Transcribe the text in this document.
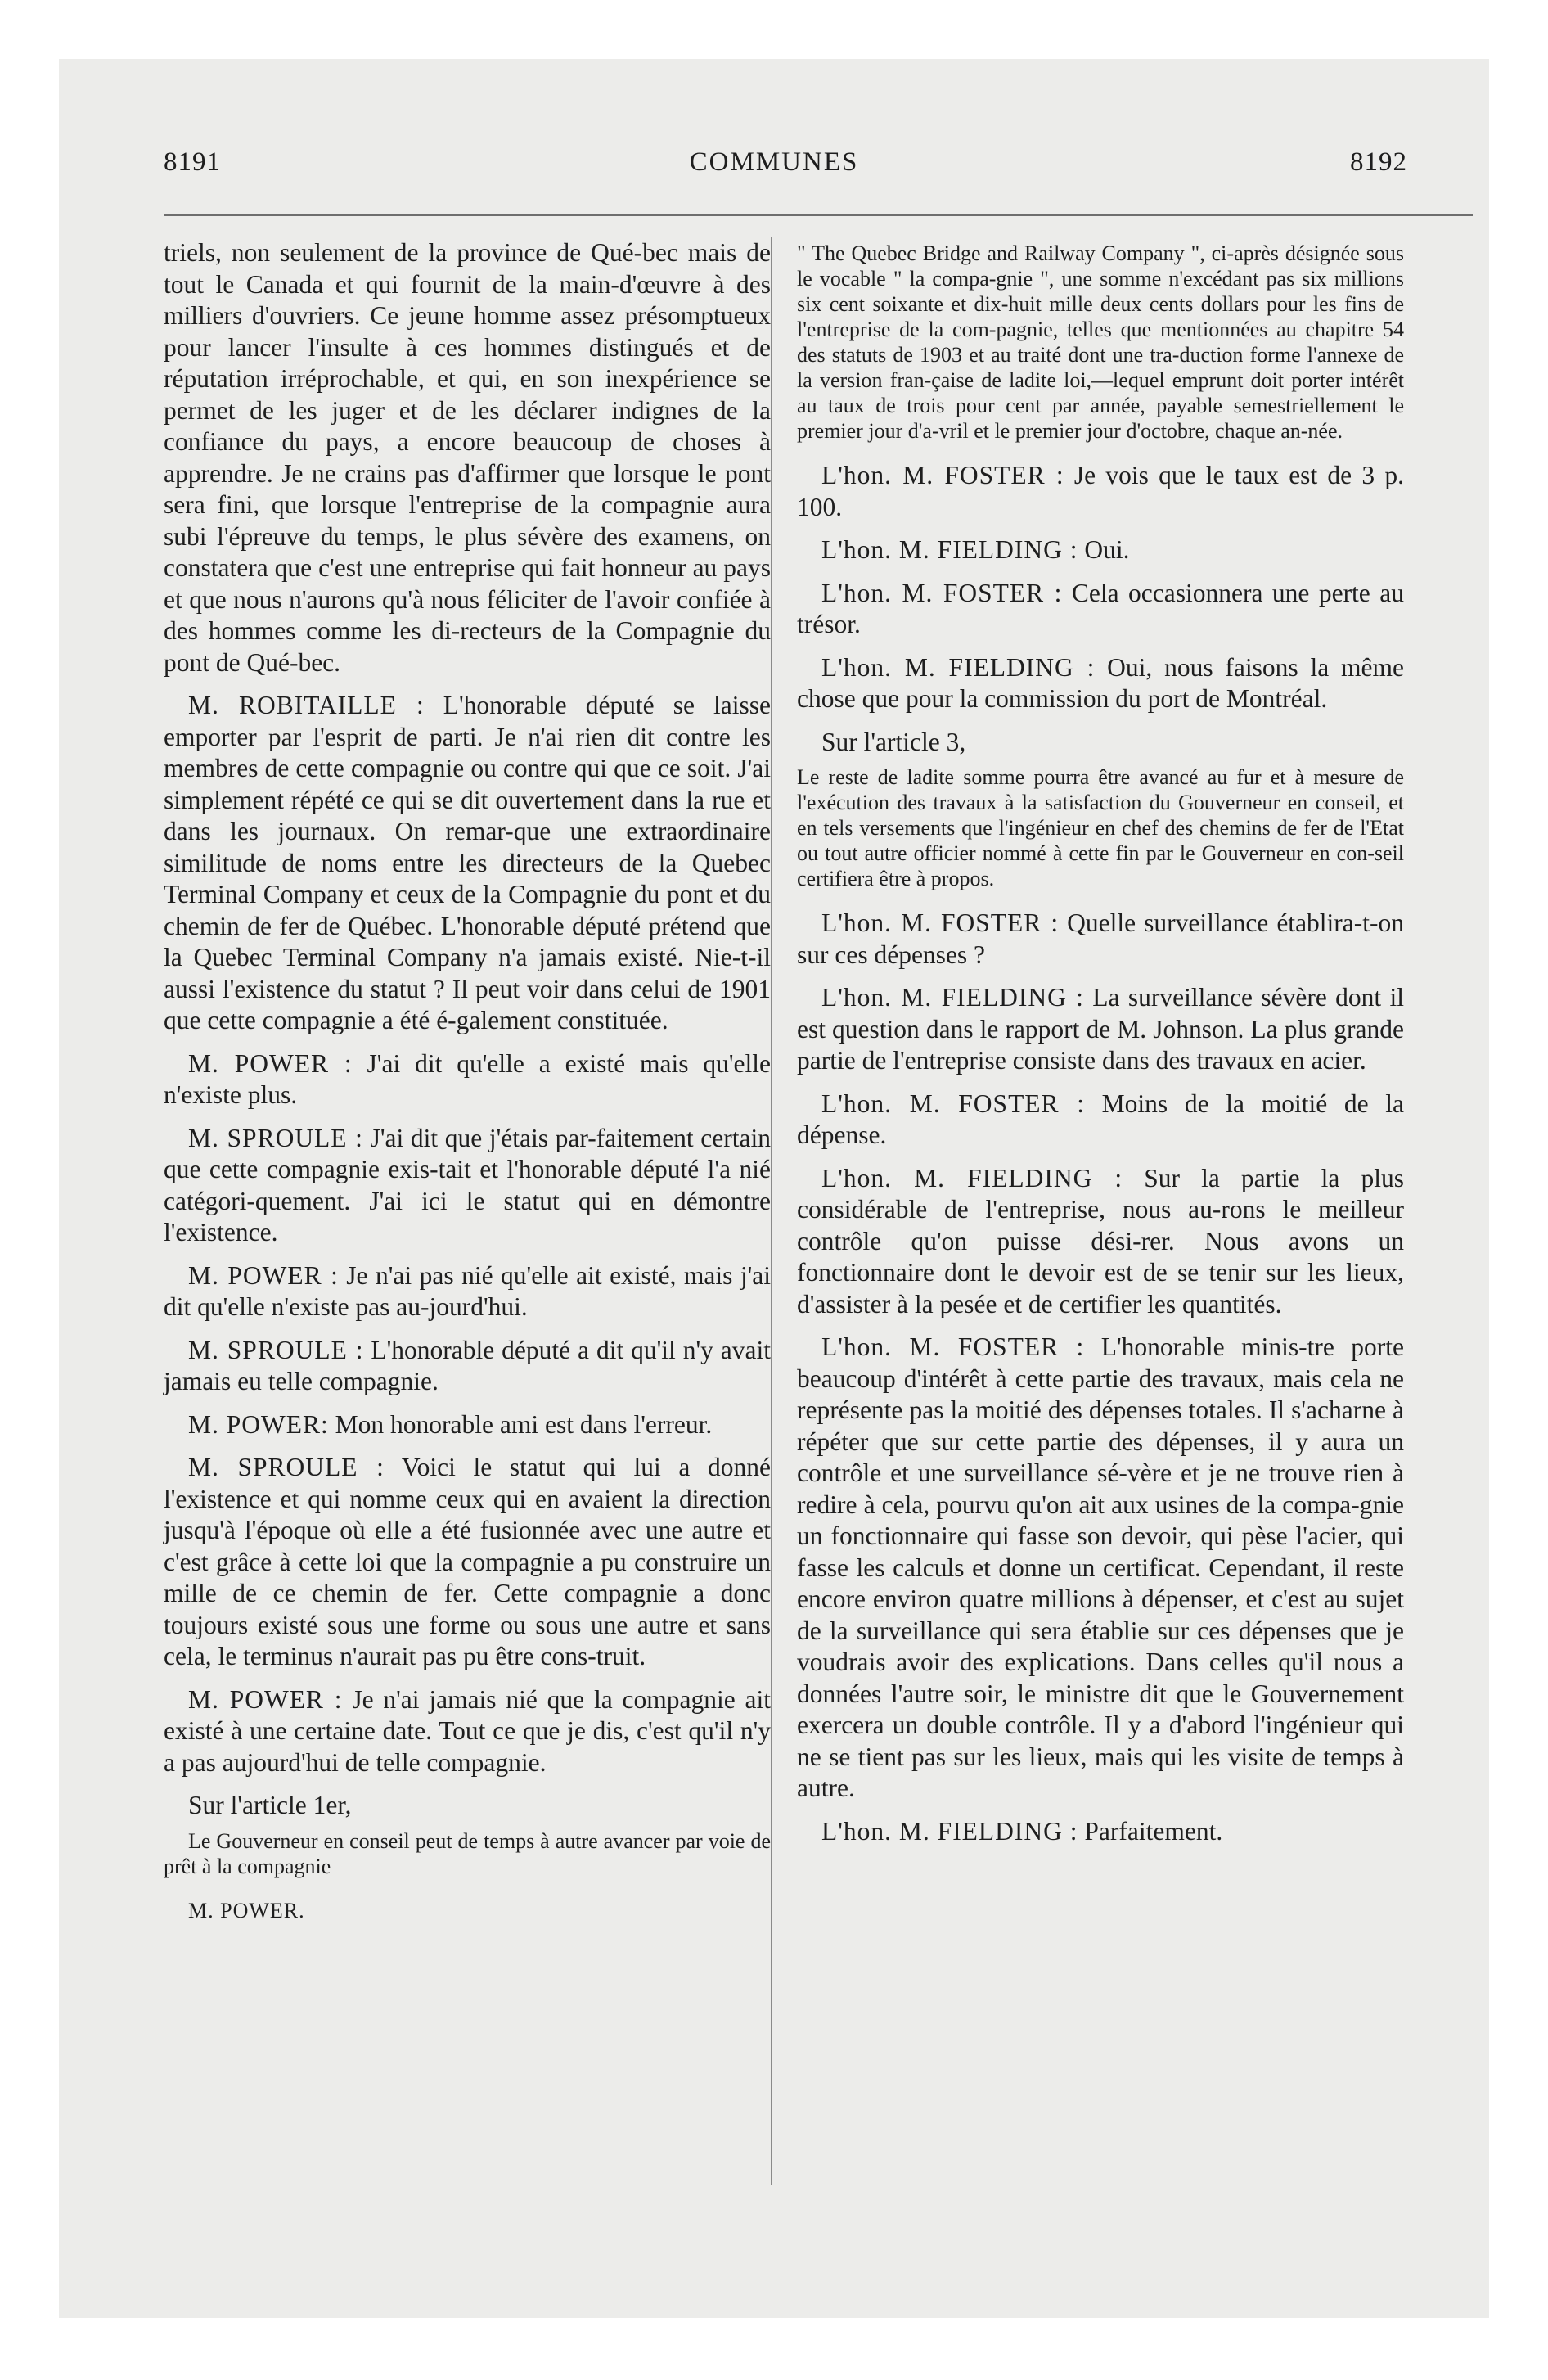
8191	COMMUNES	8192

triels, non seulement de la province de Qué-bec mais de tout le Canada et qui fournit de la main-d'œuvre à des milliers d'ouvriers. Ce jeune homme assez présomptueux pour lancer l'insulte à ces hommes distingués et de réputation irréprochable, et qui, en son inexpérience se permet de les juger et de les déclarer indignes de la confiance du pays, a encore beaucoup de choses à apprendre. Je ne crains pas d'affirmer que lorsque le pont sera fini, que lorsque l'entreprise de la compagnie aura subi l'épreuve du temps, le plus sévère des examens, on constatera que c'est une entreprise qui fait honneur au pays et que nous n'aurons qu'à nous féliciter de l'avoir confiée à des hommes comme les di-recteurs de la Compagnie du pont de Qué-bec.

M. ROBITAILLE : L'honorable député se laisse emporter par l'esprit de parti. Je n'ai rien dit contre les membres de cette compagnie ou contre qui que ce soit. J'ai simplement répété ce qui se dit ouvertement dans la rue et dans les journaux. On remar-que une extraordinaire similitude de noms entre les directeurs de la Quebec Terminal Company et ceux de la Compagnie du pont et du chemin de fer de Québec. L'honorable député prétend que la Quebec Terminal Company n'a jamais existé. Nie-t-il aussi l'existence du statut ? Il peut voir dans celui de 1901 que cette compagnie a été é-galement constituée.

M. POWER : J'ai dit qu'elle a existé mais qu'elle n'existe plus.

M. SPROULE : J'ai dit que j'étais par-faitement certain que cette compagnie exis-tait et l'honorable député l'a nié catégori-quement. J'ai ici le statut qui en démontre l'existence.

M. POWER : Je n'ai pas nié qu'elle ait existé, mais j'ai dit qu'elle n'existe pas au-jourd'hui.

M. SPROULE : L'honorable député a dit qu'il n'y avait jamais eu telle compagnie.

M. POWER: Mon honorable ami est dans l'erreur.

M. SPROULE : Voici le statut qui lui a donné l'existence et qui nomme ceux qui en avaient la direction jusqu'à l'époque où elle a été fusionnée avec une autre et c'est grâce à cette loi que la compagnie a pu construire un mille de ce chemin de fer. Cette compagnie a donc toujours existé sous une forme ou sous une autre et sans cela, le terminus n'aurait pas pu être cons-truit.

M. POWER : Je n'ai jamais nié que la compagnie ait existé à une certaine date. Tout ce que je dis, c'est qu'il n'y a pas aujourd'hui de telle compagnie.

Sur l'article 1er,

Le Gouverneur en conseil peut de temps à autre avancer par voie de prêt à la compagnie

M. POWER.

" The Quebec Bridge and Railway Company ", ci-après désignée sous le vocable " la compa-gnie ", une somme n'excédant pas six millions six cent soixante et dix-huit mille deux cents dollars pour les fins de l'entreprise de la com-pagnie, telles que mentionnées au chapitre 54 des statuts de 1903 et au traité dont une tra-duction forme l'annexe de la version fran-çaise de ladite loi,—lequel emprunt doit porter intérêt au taux de trois pour cent par année, payable semestriellement le premier jour d'a-vril et le premier jour d'octobre, chaque an-née.

L'hon. M. FOSTER : Je vois que le taux est de 3 p. 100.

L'hon. M. FIELDING : Oui.

L'hon. M. FOSTER : Cela occasionnera une perte au trésor.

L'hon. M. FIELDING : Oui, nous faisons la même chose que pour la commission du port de Montréal.

Sur l'article 3,

Le reste de ladite somme pourra être avancé au fur et à mesure de l'exécution des travaux à la satisfaction du Gouverneur en conseil, et en tels versements que l'ingénieur en chef des chemins de fer de l'Etat ou tout autre officier nommé à cette fin par le Gouverneur en con-seil certifiera être à propos.

L'hon. M. FOSTER : Quelle surveillance établira-t-on sur ces dépenses ?

L'hon. M. FIELDING : La surveillance sévère dont il est question dans le rapport de M. Johnson. La plus grande partie de l'entreprise consiste dans des travaux en acier.

L'hon. M. FOSTER : Moins de la moitié de la dépense.

L'hon. M. FIELDING : Sur la partie la plus considérable de l'entreprise, nous au-rons le meilleur contrôle qu'on puisse dési-rer. Nous avons un fonctionnaire dont le devoir est de se tenir sur les lieux, d'assister à la pesée et de certifier les quantités.

L'hon. M. FOSTER : L'honorable minis-tre porte beaucoup d'intérêt à cette partie des travaux, mais cela ne représente pas la moitié des dépenses totales. Il s'acharne à répéter que sur cette partie des dépenses, il y aura un contrôle et une surveillance sé-vère et je ne trouve rien à redire à cela, pourvu qu'on ait aux usines de la compa-gnie un fonctionnaire qui fasse son devoir, qui pèse l'acier, qui fasse les calculs et donne un certificat. Cependant, il reste encore environ quatre millions à dépenser, et c'est au sujet de la surveillance qui sera établie sur ces dépenses que je voudrais avoir des explications. Dans celles qu'il nous a données l'autre soir, le ministre dit que le Gouvernement exercera un double contrôle. Il y a d'abord l'ingénieur qui ne se tient pas sur les lieux, mais qui les visite de temps à autre.

L'hon. M. FIELDING : Parfaitement.
